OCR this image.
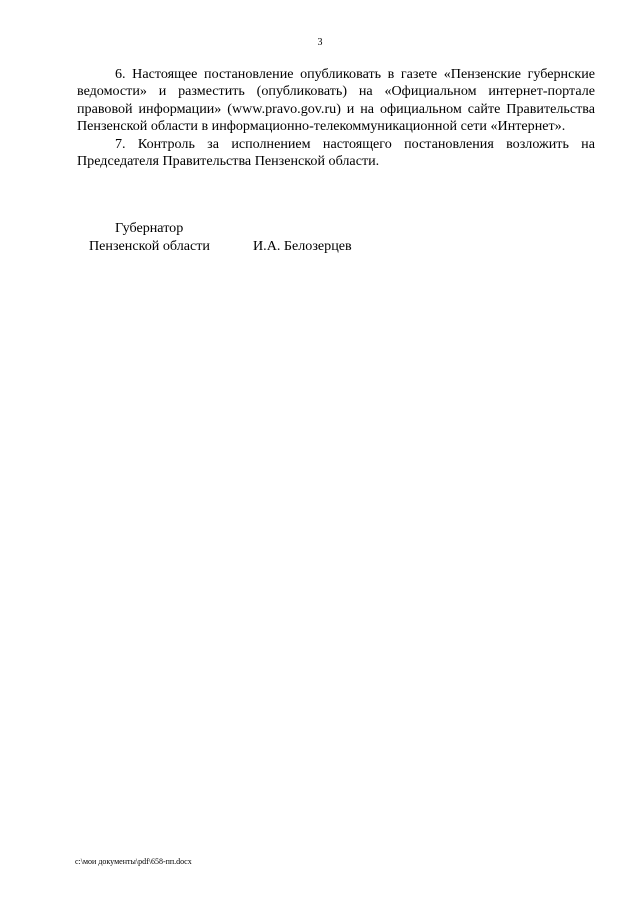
3

6. Настоящее постановление опубликовать в газете «Пензенские губернские ведомости» и разместить (опубликовать) на «Официальном интернет-портале правовой информации» (www.pravo.gov.ru) и на официальном сайте Правительства Пензенской области в информационно-телекоммуникационной сети «Интернет».

7. Контроль за исполнением настоящего постановления возложить на Председателя Правительства Пензенской области.

Губернатор
Пензенской области	И.А. Белозерцев
c:\мои документы\pdf\658-пп.docx
